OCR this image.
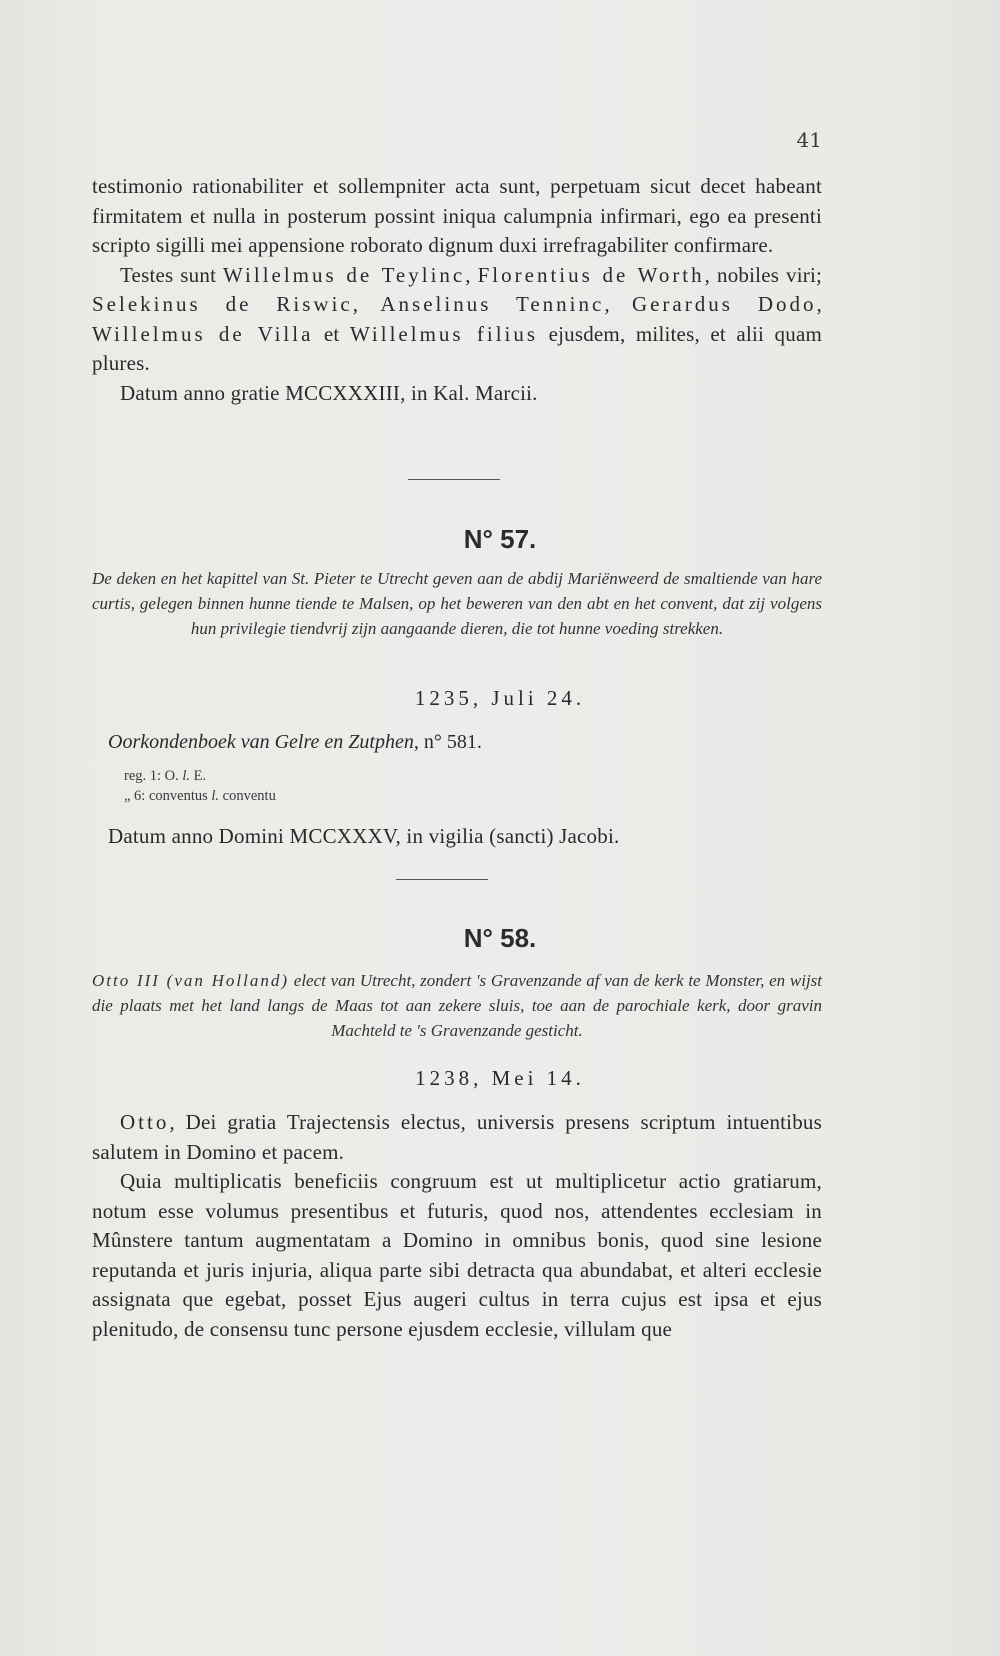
41

testimonio rationabiliter et sollempniter acta sunt, perpetuam sicut decet habeant firmitatem et nulla in posterum possint iniqua calumpnia infirmari, ego ea presenti scripto sigilli mei appensione roborato dignum duxi irrefragabiliter confirmare.

Testes sunt Willelmus de Teylinc, Florentius de Worth, nobiles viri; Selekinus de Riswic, Anselinus Tenninc, Gerardus Dodo, Willelmus de Villa et Willelmus filius ejusdem, milites, et alii quam plures.

Datum anno gratie MCCXXXIII, in Kal. Marcii.

N° 57.
De deken en het kapittel van St. Pieter te Utrecht geven aan de abdij Mariënweerd de smaltiende van hare curtis, gelegen binnen hunne tiende te Malsen, op het beweren van den abt en het convent, dat zij volgens hun privilegie tiendvrij zijn aangaande dieren, die tot hunne voeding strekken.
1235, Juli 24.
Oorkondenboek van Gelre en Zutphen, n° 581.
reg. 1: O. l. E.
„ 6: conventus l. conventu

Datum anno Domini MCCXXXV, in vigilia (sancti) Jacobi.

N° 58.
Otto III (van Holland) elect van Utrecht, zondert 's Gravenzande af van de kerk te Monster, en wijst die plaats met het land langs de Maas tot aan zekere sluis, toe aan de parochiale kerk, door gravin Machteld te 's Gravenzande gesticht.
1238, Mei 14.

Otto, Dei gratia Trajectensis electus, universis presens scriptum intuentibus salutem in Domino et pacem.

Quia multiplicatis beneficiis congruum est ut multiplicetur actio gratiarum, notum esse volumus presentibus et futuris, quod nos, attendentes ecclesiam in Mûnstere tantum augmentatam a Domino in omnibus bonis, quod sine lesione reputanda et juris injuria, aliqua parte sibi detracta qua abundabat, et alteri ecclesie assignata que egebat, posset Ejus augeri cultus in terra cujus est ipsa et ejus plenitudo, de consensu tunc persone ejusdem ecclesie, villulam que
